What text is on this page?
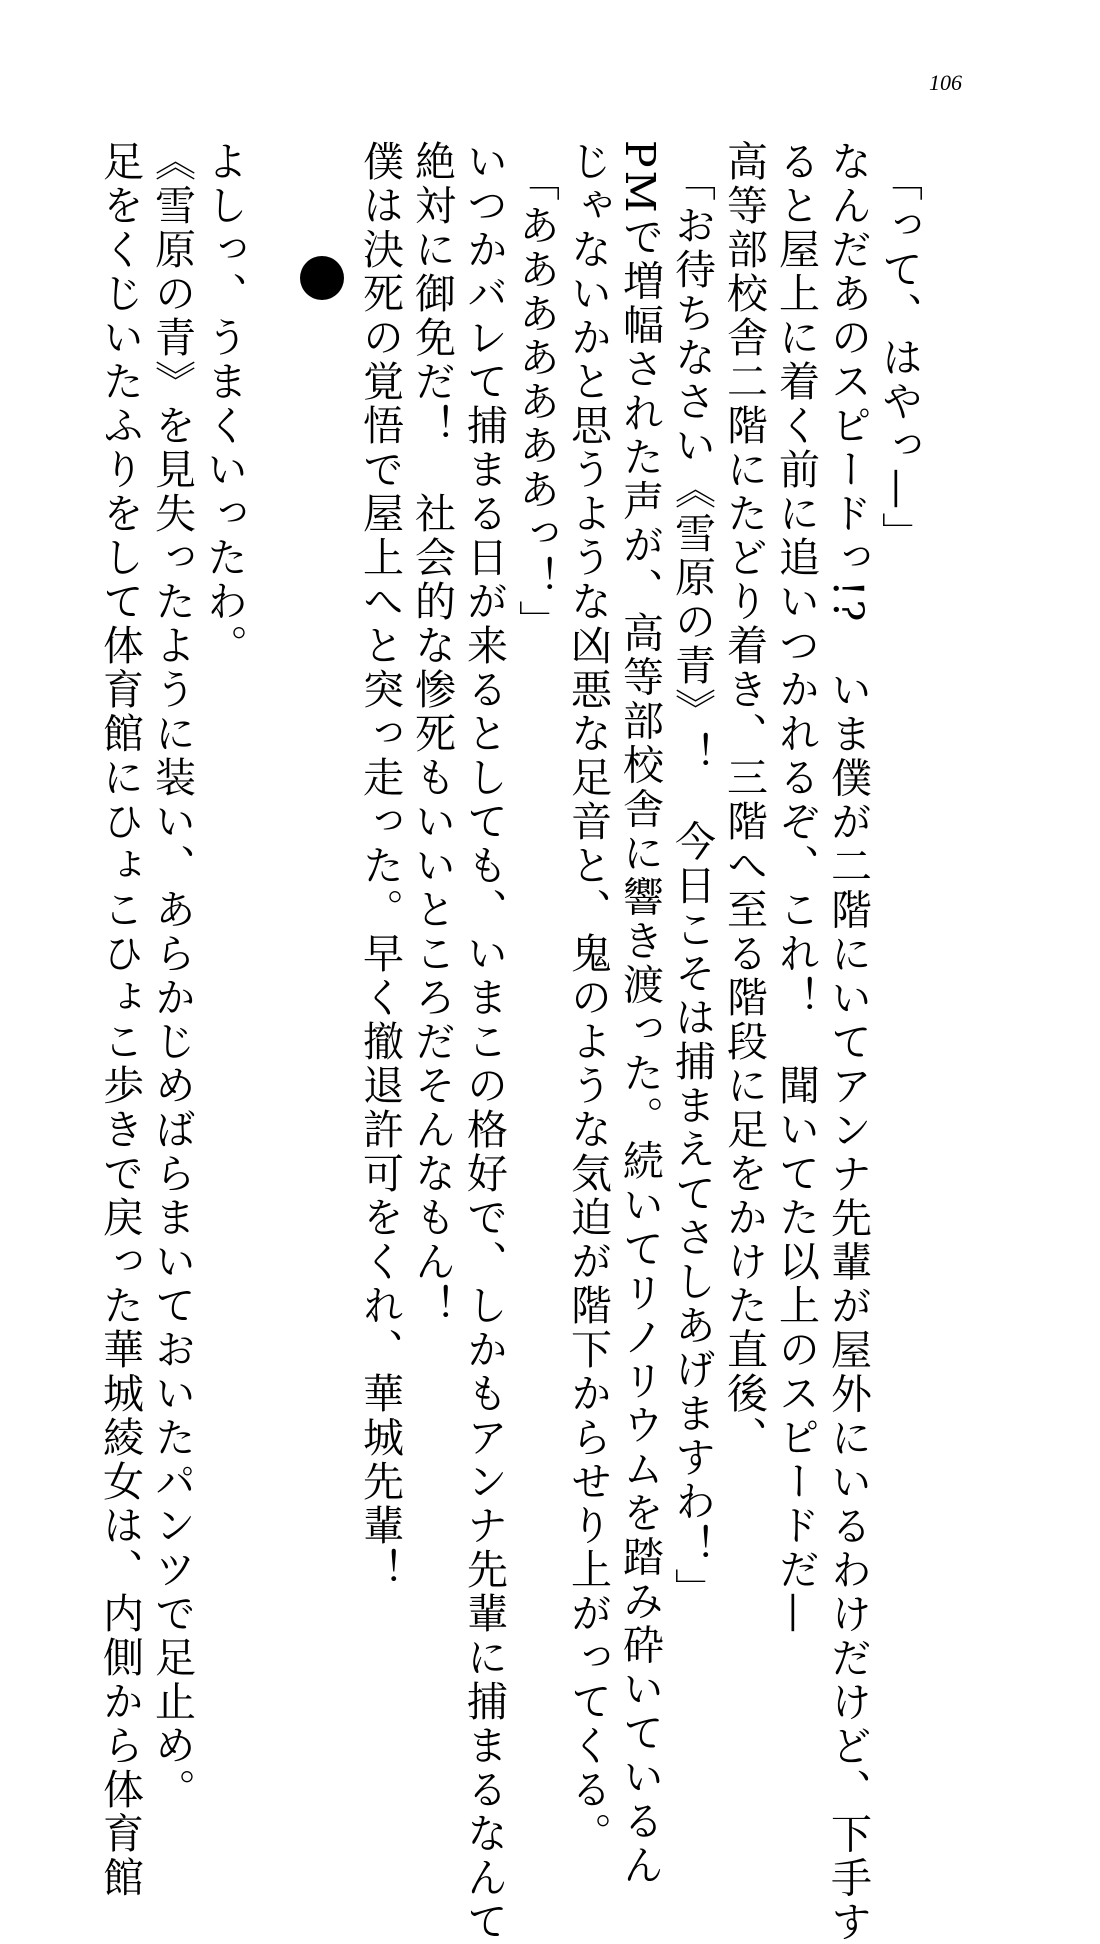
106
「って、はやっ—」
なんだあのスピードっ!?　いま僕が二階にいてアンナ先輩が屋外にいるわけだけど、下手す
ると屋上に着く前に追いつかれるぞ、これ！　聞いてた以上のスピードだ—
高等部校舎二階にたどり着き、三階へ至る階段に足をかけた直後、
「お待ちなさい《雪原の青》！　今日こそは捕まえてさしあげますわ！」
PMで増幅された声が、高等部校舎に響き渡った。続いてリノリウムを踏み砕いているん
じゃないかと思うような凶悪な足音と、鬼のような気迫が階下からせり上がってくる。
「あああああああっ！」
いつかバレて捕まる日が来るとしても、いまこの格好で、しかもアンナ先輩に捕まるなんて
絶対に御免だ！　社会的な惨死もいいところだそんなもん！
僕は決死の覚悟で屋上へと突っ走った。早く撤退許可をくれ、華城先輩！
よしっ、うまくいったわ。
《雪原の青》を見失ったように装い、あらかじめばらまいておいたパンツで足止め。
足をくじいたふりをして体育館にひょこひょこ歩きで戻った華城綾女は、内側から体育館
